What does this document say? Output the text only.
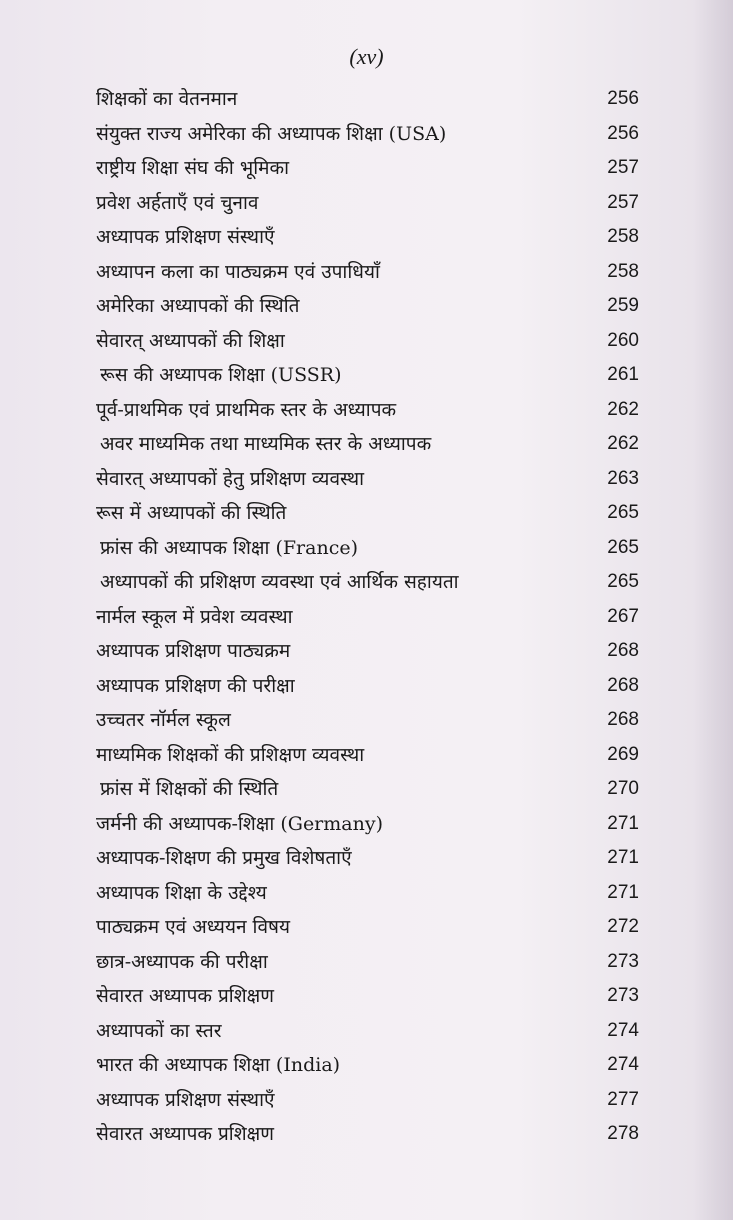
(xv)
शिक्षकों का वेतनमान	256
संयुक्त राज्य अमेरिका की अध्यापक शिक्षा (USA)	256
राष्ट्रीय शिक्षा संघ की भूमिका	257
प्रवेश अर्हताएँ एवं चुनाव	257
अध्यापक प्रशिक्षण संस्थाएँ	258
अध्यापन कला का पाठ्यक्रम एवं उपाधियाँ	258
अमेरिका अध्यापकों की स्थिति	259
सेवारत् अध्यापकों की शिक्षा	260
रूस की अध्यापक शिक्षा (USSR)	261
पूर्व-प्राथमिक एवं प्राथमिक स्तर के अध्यापक	262
अवर माध्यमिक तथा माध्यमिक स्तर के अध्यापक	262
सेवारत् अध्यापकों हेतु प्रशिक्षण व्यवस्था	263
रूस में अध्यापकों की स्थिति	265
फ्रांस की अध्यापक शिक्षा (France)	265
अध्यापकों की प्रशिक्षण व्यवस्था एवं आर्थिक सहायता	265
नार्मल स्कूल में प्रवेश व्यवस्था	267
अध्यापक प्रशिक्षण पाठ्यक्रम	268
अध्यापक प्रशिक्षण की परीक्षा	268
उच्चतर नॉर्मल स्कूल	268
माध्यमिक शिक्षकों की प्रशिक्षण व्यवस्था	269
फ्रांस में शिक्षकों की स्थिति	270
जर्मनी की अध्यापक-शिक्षा (Germany)	271
अध्यापक-शिक्षण की प्रमुख विशेषताएँ	271
अध्यापक शिक्षा के उद्देश्य	271
पाठ्यक्रम एवं अध्ययन विषय	272
छात्र-अध्यापक की परीक्षा	273
सेवारत अध्यापक प्रशिक्षण	273
अध्यापकों का स्तर	274
भारत की अध्यापक शिक्षा (India)	274
अध्यापक प्रशिक्षण संस्थाएँ	277
सेवारत अध्यापक प्रशिक्षण	278
